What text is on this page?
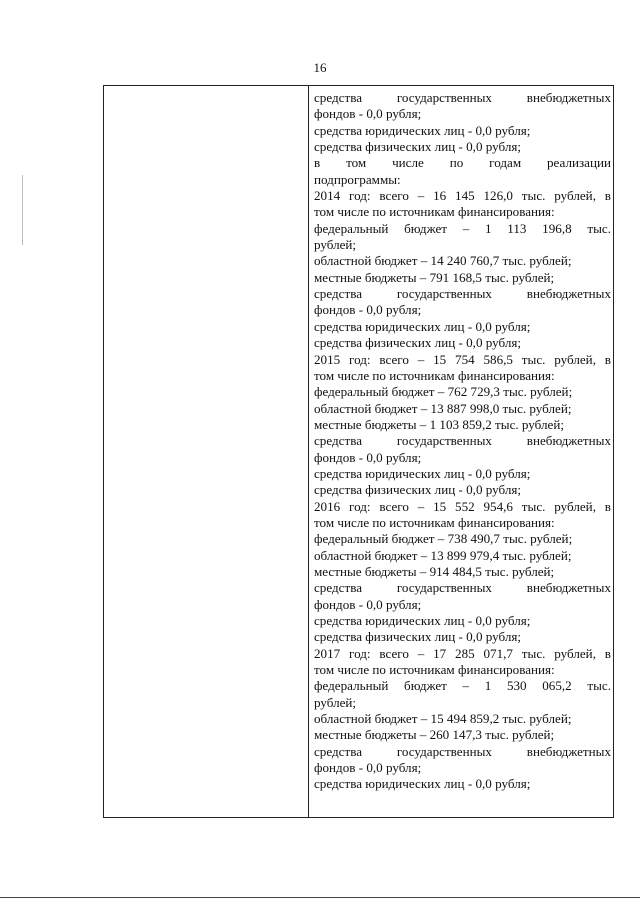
16
средства государственных внебюджетных
фондов - 0,0 рубля;
средства юридических лиц - 0,0 рубля;
средства физических лиц - 0,0 рубля;
в том числе по годам реализации
подпрограммы:
2014 год: всего – 16 145 126,0 тыс. рублей, в
том числе по источникам финансирования:
федеральный бюджет – 1 113 196,8 тыс.
рублей;
областной бюджет – 14 240 760,7 тыс. рублей;
местные бюджеты – 791 168,5 тыс. рублей;
средства государственных внебюджетных
фондов - 0,0 рубля;
средства юридических лиц - 0,0 рубля;
средства физических лиц - 0,0 рубля;
2015 год: всего – 15 754 586,5 тыс. рублей, в
том числе по источникам финансирования:
федеральный бюджет – 762 729,3 тыс. рублей;
областной бюджет – 13 887 998,0 тыс. рублей;
местные бюджеты – 1 103 859,2 тыс. рублей;
средства государственных внебюджетных
фондов - 0,0 рубля;
средства юридических лиц - 0,0 рубля;
средства физических лиц - 0,0 рубля;
2016 год: всего – 15 552 954,6 тыс. рублей, в
том числе по источникам финансирования:
федеральный бюджет – 738 490,7 тыс. рублей;
областной бюджет – 13 899 979,4 тыс. рублей;
местные бюджеты – 914 484,5 тыс. рублей;
средства государственных внебюджетных
фондов - 0,0 рубля;
средства юридических лиц - 0,0 рубля;
средства физических лиц - 0,0 рубля;
2017 год: всего – 17 285 071,7 тыс. рублей, в
том числе по источникам финансирования:
федеральный бюджет – 1 530 065,2 тыс.
рублей;
областной бюджет – 15 494 859,2 тыс. рублей;
местные бюджеты – 260 147,3 тыс. рублей;
средства государственных внебюджетных
фондов - 0,0 рубля;
средства юридических лиц - 0,0 рубля;
